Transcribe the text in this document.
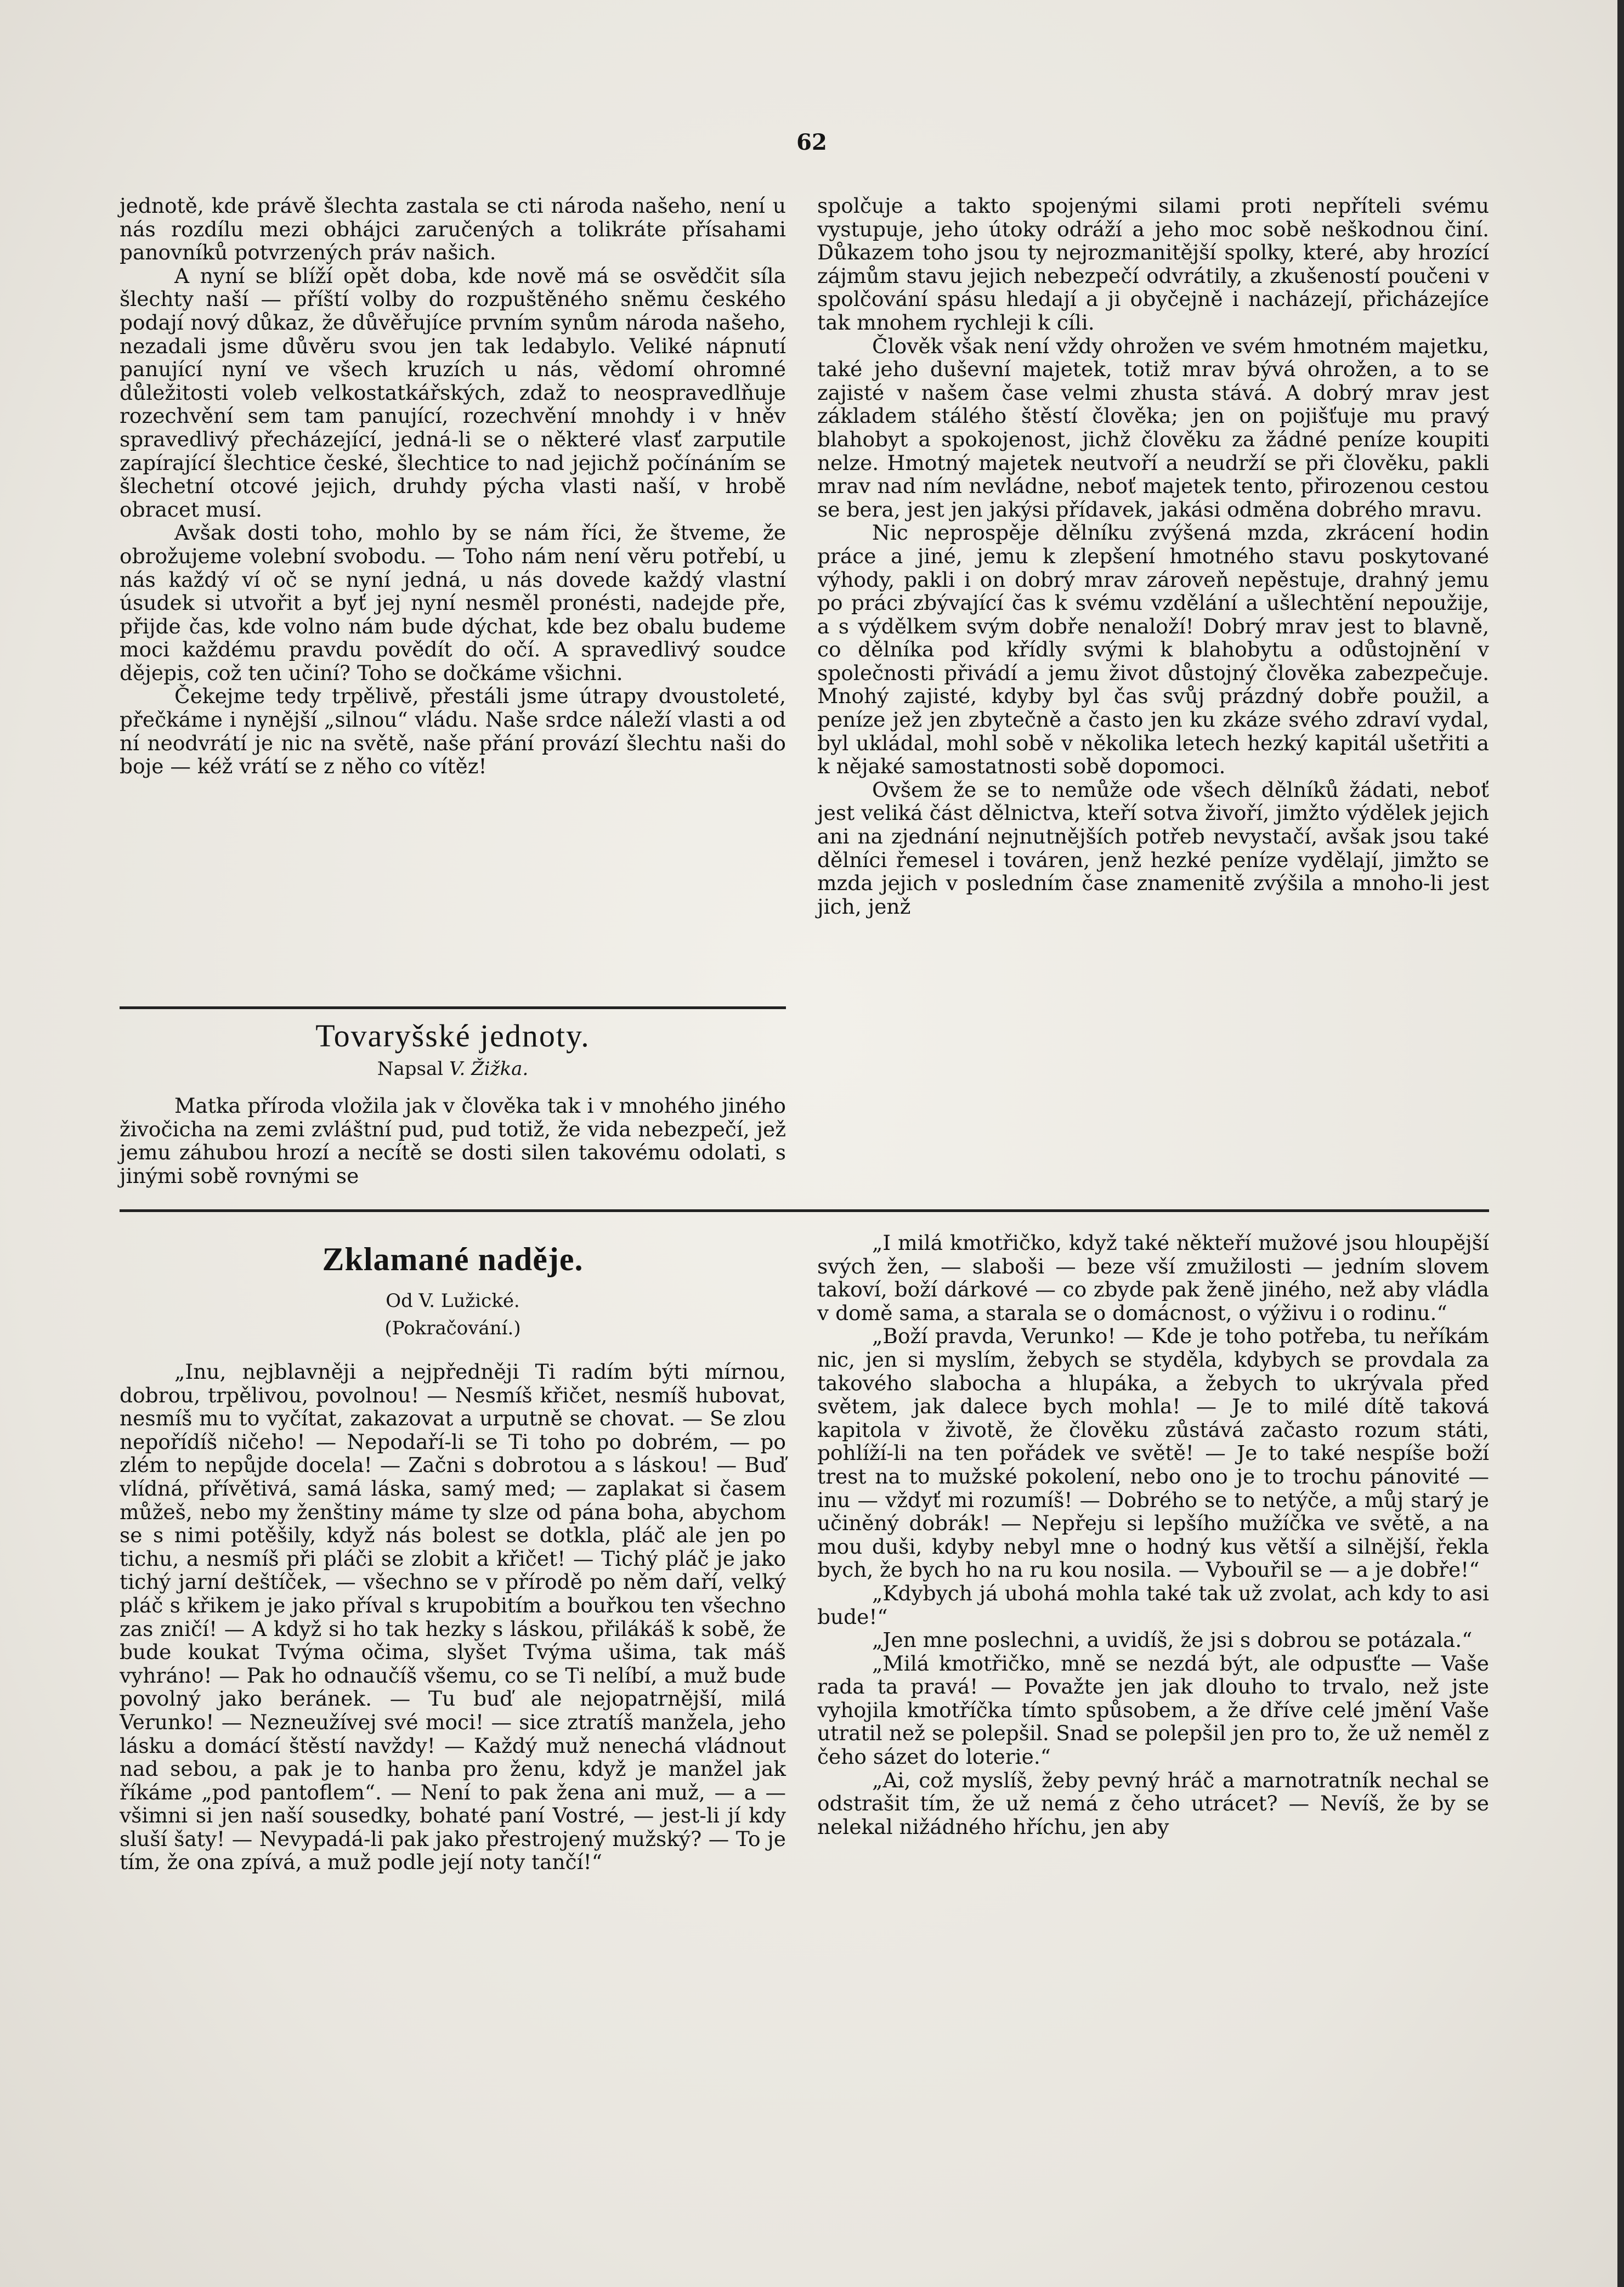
62

jednotě, kde právě šlechta zastala se cti národa našeho, není u nás rozdílu mezi obhájci zaručených a tolikráte přísahami panovníků potvrzených práv našich.

A nyní se blíží opět doba, kde nově má se osvědčit síla šlechty naší — příští volby do rozpuštěného sněmu českého podají nový důkaz, že důvěřujíce prvním synům národa našeho, nezadali jsme důvěru svou jen tak ledabylo. Veliké nápnutí panující nyní ve všech kruzích u nás, vědomí ohromné důležitosti voleb velkostatkářských, zdaž to neospravedlňuje rozechvění sem tam panující, rozechvění mnohdy i v hněv spravedlivý přecházející, jedná-li se o některé vlasť zarputile zapírající šlechtice české, šlechtice to nad jejichž počínáním se šlechetní otcové jejich, druhdy pýcha vlasti naší, v hrobě obracet musí.

Avšak dosti toho, mohlo by se nám říci, že štveme, že obrožujeme volební svobodu. — Toho nám není věru potřebí, u nás každý ví oč se nyní jedná, u nás dovede každý vlastní úsudek si utvořit a byť jej nyní nesměl pronésti, nadejde pře, přijde čas, kde volno nám bude dýchat, kde bez obalu budeme moci každému pravdu povědít do očí. A spravedlivý soudce dějepis, což ten učiní? Toho se dočkáme všichni.

Čekejme tedy trpělivě, přestáli jsme útrapy dvoustoleté, přečkáme i nynější „silnou“ vládu. Naše srdce náleží vlasti a od ní neodvrátí je nic na světě, naše přání provází šlechtu naši do boje — kéž vrátí se z něho co vítěz!

Tovaryšské jednoty.
Napsal V. Žižka.

Matka příroda vložila jak v člověka tak i v mnohého jiného živočicha na zemi zvláštní pud, pud totiž, že vida nebezpečí, jež jemu záhubou hrozí a necítě se dosti silen takovému odolati, s jinými sobě rovnými se

spolčuje a takto spojenými silami proti nepříteli svému vystupuje, jeho útoky odráží a jeho moc sobě neškodnou činí. Důkazem toho jsou ty nejrozmanitější spolky, které, aby hrozící zájmům stavu jejich nebezpečí odvrátily, a zkušeností poučeni v spolčování spásu hledají a ji obyčejně i nacházejí, přicházejíce tak mnohem rychleji k cíli.

Člověk však není vždy ohrožen ve svém hmotném majetku, také jeho duševní majetek, totiž mrav bývá ohrožen, a to se zajisté v našem čase velmi zhusta stává. A dobrý mrav jest základem stálého štěstí člověka; jen on pojišťuje mu pravý blahobyt a spokojenost, jichž člověku za žádné peníze koupiti nelze. Hmotný majetek neutvoří a neudrží se při člověku, pakli mrav nad ním nevládne, neboť majetek tento, přirozenou cestou se bera, jest jen jakýsi přídavek, jakási odměna dobrého mravu.

Nic neprospěje dělníku zvýšená mzda, zkrácení hodin práce a jiné, jemu k zlepšení hmotného stavu poskytované výhody, pakli i on dobrý mrav zároveň nepěstuje, drahný jemu po práci zbývající čas k svému vzdělání a ušlechtění nepoužije, a s výdělkem svým dobře nenaloží! Dobrý mrav jest to blavně, co dělníka pod křídly svými k blahobytu a odůstojnění v společnosti přivádí a jemu život důstojný člověka zabezpečuje. Mnohý zajisté, kdyby byl čas svůj prázdný dobře použil, a peníze jež jen zbytečně a často jen ku zkáze svého zdraví vydal, byl ukládal, mohl sobě v několika letech hezký kapitál ušetřiti a k nějaké samostatnosti sobě dopomoci.

Ovšem že se to nemůže ode všech dělníků žádati, neboť jest veliká část dělnictva, kteří sotva živoří, jimžto výdělek jejich ani na zjednání nejnutnějších potřeb nevystačí, avšak jsou také dělníci řemesel i továren, jenž hezké peníze vydělají, jimžto se mzda jejich v posledním čase znamenitě zvýšila a mnoho-li jest jich, jenž

Zklamané naděje.
Od V. Lužické.
(Pokračování.)

„Inu, nejblavněji a nejpředněji Ti radím býti mírnou, dobrou, trpělivou, povolnou! — Nesmíš křičet, nesmíš hubovat, nesmíš mu to vyčítat, zakazovat a urputně se chovat. — Se zlou nepořídíš ničeho! — Nepodaří-li se Ti toho po dobrém, — po zlém to nepůjde docela! — Začni s dobrotou a s láskou! — Buď vlídná, přívětivá, samá láska, samý med; — zaplakat si časem můžeš, nebo my ženštiny máme ty slze od pána boha, abychom se s nimi potěšily, když nás bolest se dotkla, pláč ale jen po tichu, a nesmíš při pláči se zlobit a křičet! — Tichý pláč je jako tichý jarní deštíček, — všechno se v přírodě po něm daří, velký pláč s křikem je jako příval s krupobitím a bouřkou ten všechno zas zničí! — A když si ho tak hezky s láskou, přilákáš k sobě, že bude koukat Tvýma očima, slyšet Tvýma ušima, tak máš vyhráno! — Pak ho odnaučíš všemu, co se Ti nelíbí, a muž bude povolný jako beránek. — Tu buď ale nejopatrnější, milá Verunko! — Nezneužívej své moci! — sice ztratíš manžela, jeho lásku a domácí štěstí navždy! — Každý muž nenechá vládnout nad sebou, a pak je to hanba pro ženu, když je manžel jak říkáme „pod pantoflem“. — Není to pak žena ani muž, — a — všimni si jen naší sousedky, bohaté paní Vostré, — jest-li jí kdy sluší šaty! — Nevypadá-li pak jako přestrojený mužský? — To je tím, že ona zpívá, a muž podle její noty tančí!“

„I milá kmotřičko, když také někteří mužové jsou hloupější svých žen, — slaboši — beze vší zmužilosti — jedním slovem takoví, boží dárkové — co zbyde pak ženě jiného, než aby vládla v domě sama, a starala se o domácnost, o výživu i o rodinu.“

„Boží pravda, Verunko! — Kde je toho potřeba, tu neříkám nic, jen si myslím, žebych se styděla, kdybych se provdala za takového slabocha a hlupáka, a žebych to ukrývala před světem, jak dalece bych mohla! — Je to milé dítě taková kapitola v životě, že člověku zůstává začasto rozum státi, pohlíží-li na ten pořádek ve světě! — Je to také nespíše boží trest na to mužské pokolení, nebo ono je to trochu pánovité — inu — vždyť mi rozumíš! — Dobrého se to netýče, a můj starý je učiněný dobrák! — Nepřeju si lepšího mužíčka ve světě, a na mou duši, kdyby nebyl mne o hodný kus větší a silnější, řekla bych, že bych ho na ru kou nosila. — Vybouřil se — a je dobře!“

„Kdybych já ubohá mohla také tak už zvolat, ach kdy to asi bude!“

„Jen mne poslechni, a uvidíš, že jsi s dobrou se potázala.“

„Milá kmotřičko, mně se nezdá být, ale odpusťte — Vaše rada ta pravá! — Považte jen jak dlouho to trvalo, než jste vyhojila kmotříčka tímto spůsobem, a že dříve celé jmění Vaše utratil než se polepšil. Snad se polepšil jen pro to, že už neměl z čeho sázet do loterie.“

„Ai, což myslíš, žeby pevný hráč a marnotratník nechal se odstrašit tím, že už nemá z čeho utrácet? — Nevíš, že by se nelekal nižádného hříchu, jen aby
